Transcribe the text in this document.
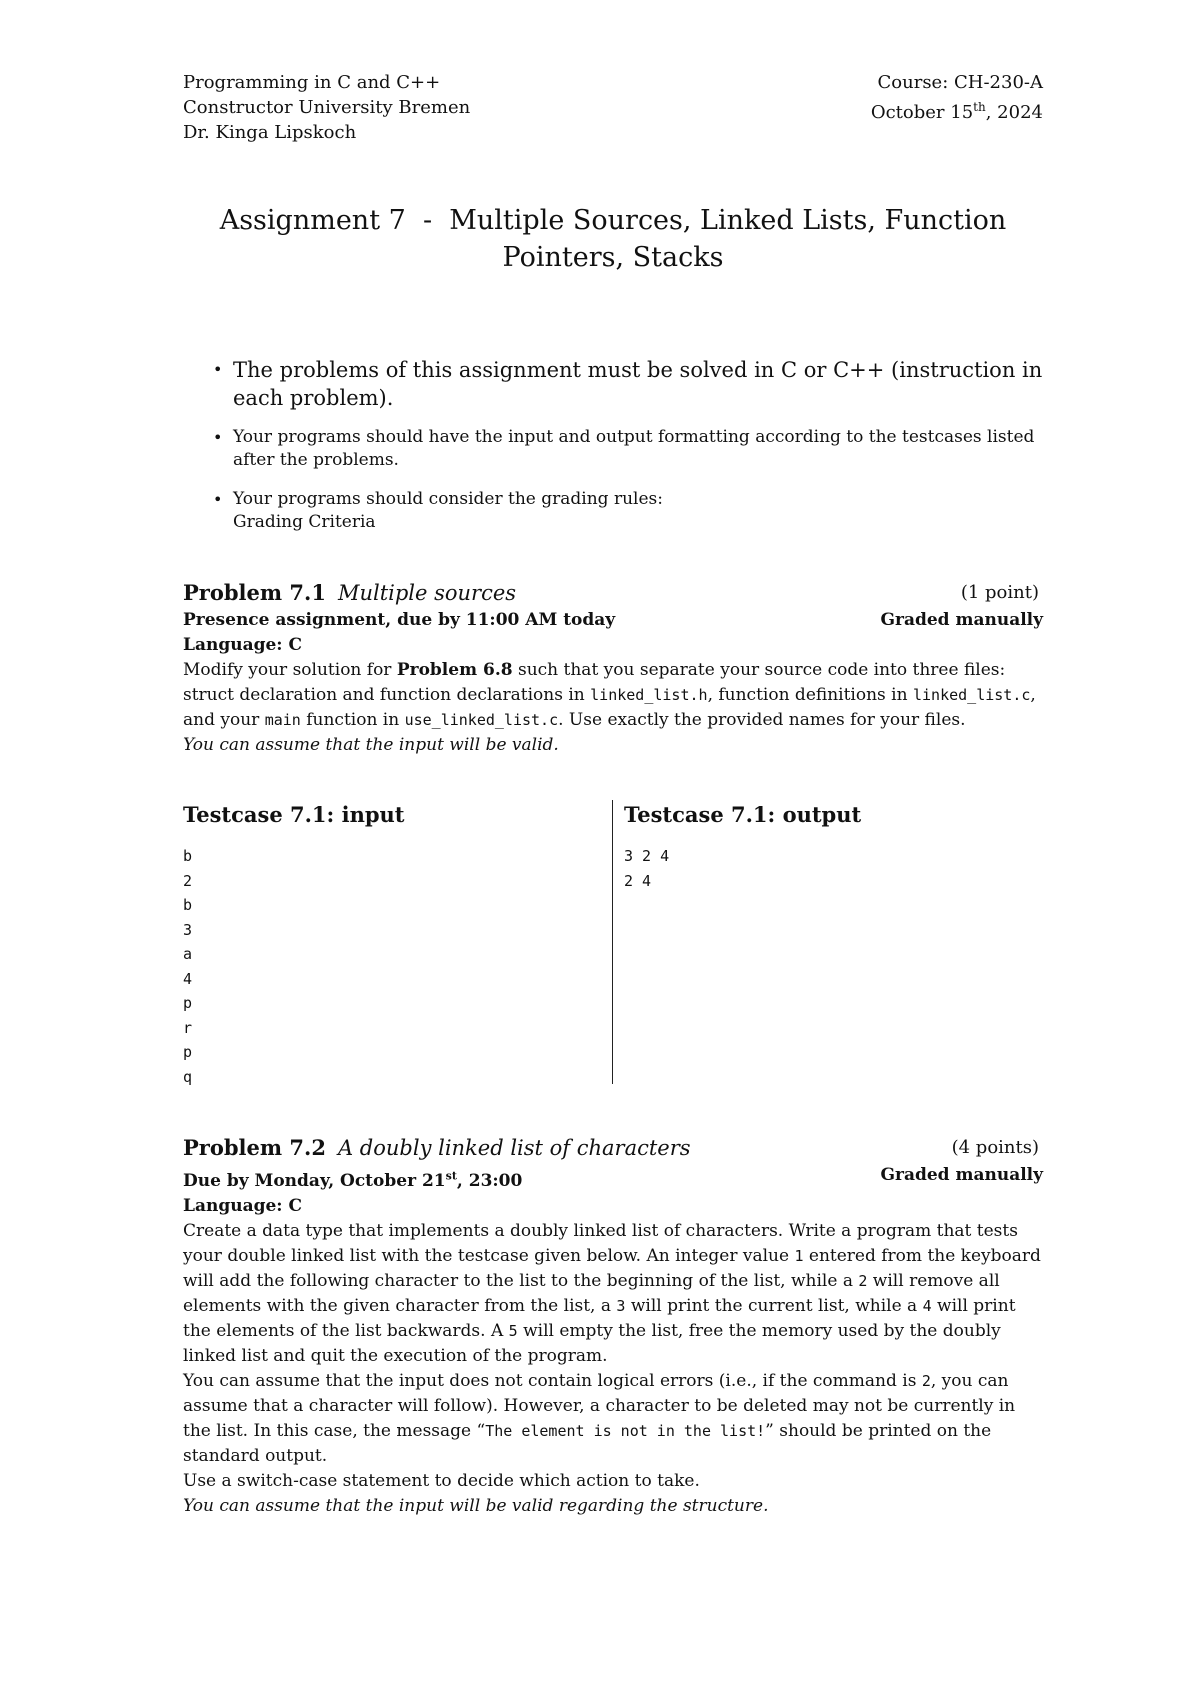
Programming in C and C++
Constructor University Bremen
Dr. Kinga Lipskoch
Course: CH-230-A
October 15th, 2024
Assignment 7  -  Multiple Sources, Linked Lists, Function
Pointers, Stacks
• The problems of this assignment must be solved in C or C++ (instruction in each problem).
• Your programs should have the input and output formatting according to the testcases listed after the problems.
• Your programs should consider the grading rules:
Grading Criteria
Problem 7.1 Multiple sources	(1 point)
Presence assignment, due by 11:00 AM today	Graded manually
Language: C
Modify your solution for Problem 6.8 such that you separate your source code into three files: struct declaration and function declarations in linked_list.h, function definitions in linked_list.c, and your main function in use_linked_list.c. Use exactly the provided names for your files.
You can assume that the input will be valid.
Testcase 7.1: input
b
2
b
3
a
4
p
r
p
q
Testcase 7.1: output
3 2 4
2 4
Problem 7.2 A doubly linked list of characters	(4 points)
Due by Monday, October 21st, 23:00	Graded manually
Language: C
Create a data type that implements a doubly linked list of characters. Write a program that tests your double linked list with the testcase given below. An integer value 1 entered from the keyboard will add the following character to the list to the beginning of the list, while a 2 will remove all elements with the given character from the list, a 3 will print the current list, while a 4 will print the elements of the list backwards. A 5 will empty the list, free the memory used by the doubly linked list and quit the execution of the program.
You can assume that the input does not contain logical errors (i.e., if the command is 2, you can assume that a character will follow). However, a character to be deleted may not be currently in the list. In this case, the message “The element is not in the list!” should be printed on the standard output.
Use a switch-case statement to decide which action to take.
You can assume that the input will be valid regarding the structure.
